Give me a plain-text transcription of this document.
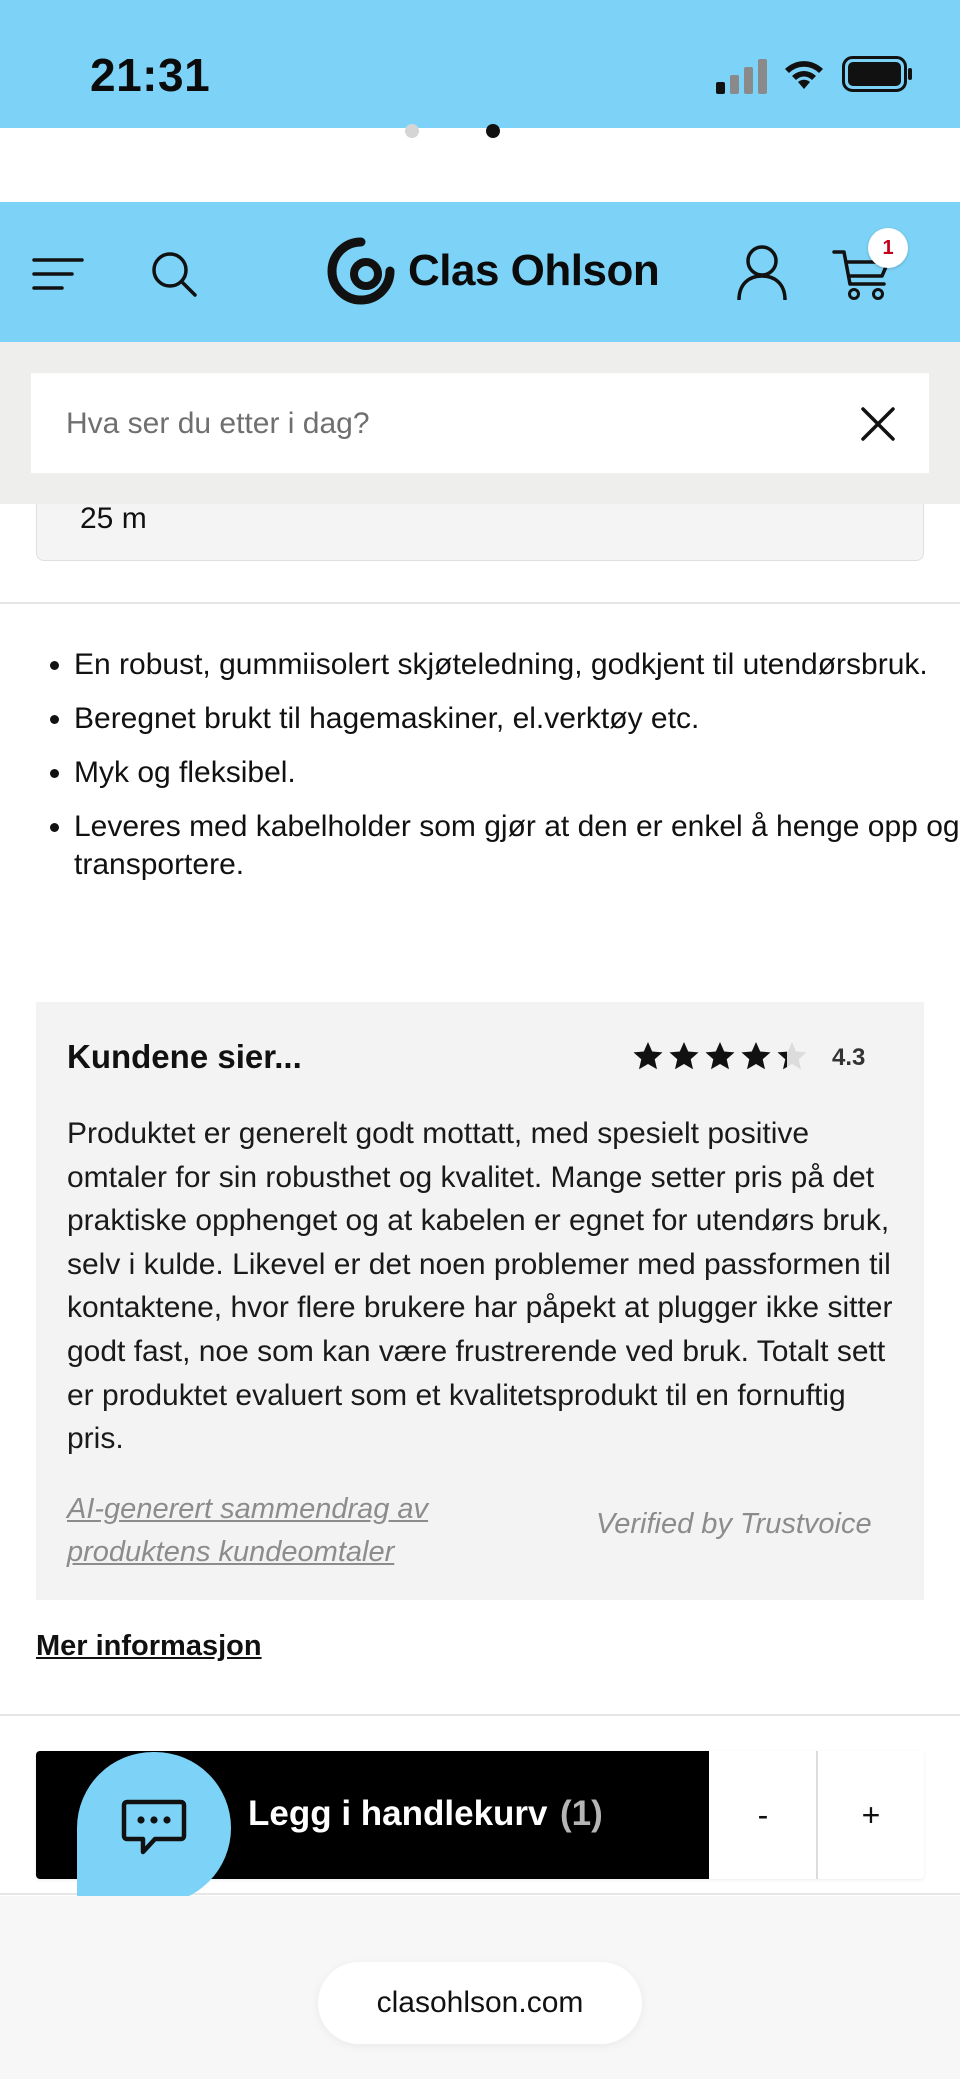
21:31
Clas Ohlson	1
Hva ser du etter i dag?
25 m
• En robust, gummiisolert skjøteledning, godkjent til utendørsbruk.
• Beregnet brukt til hagemaskiner, el.verktøy etc.
• Myk og fleksibel.
• Leveres med kabelholder som gjør at den er enkel å henge opp og transportere.
Kundene sier...	4.3

Produktet er generelt godt mottatt, med spesielt positive omtaler for sin robusthet og kvalitet. Mange setter pris på det praktiske opphenget og at kabelen er egnet for utendørs bruk, selv i kulde. Likevel er det noen problemer med passformen til kontaktene, hvor flere brukere har påpekt at plugger ikke sitter godt fast, noe som kan være frustrerende ved bruk. Totalt sett er produktet evaluert som et kvalitetsprodukt til en fornuftig pris.

AI-generert sammendrag av produktens kundeomtaler
Verified by Trustvoice
Mer informasjon
Legg i handlekurv (1)	-	+
clasohlson.com
